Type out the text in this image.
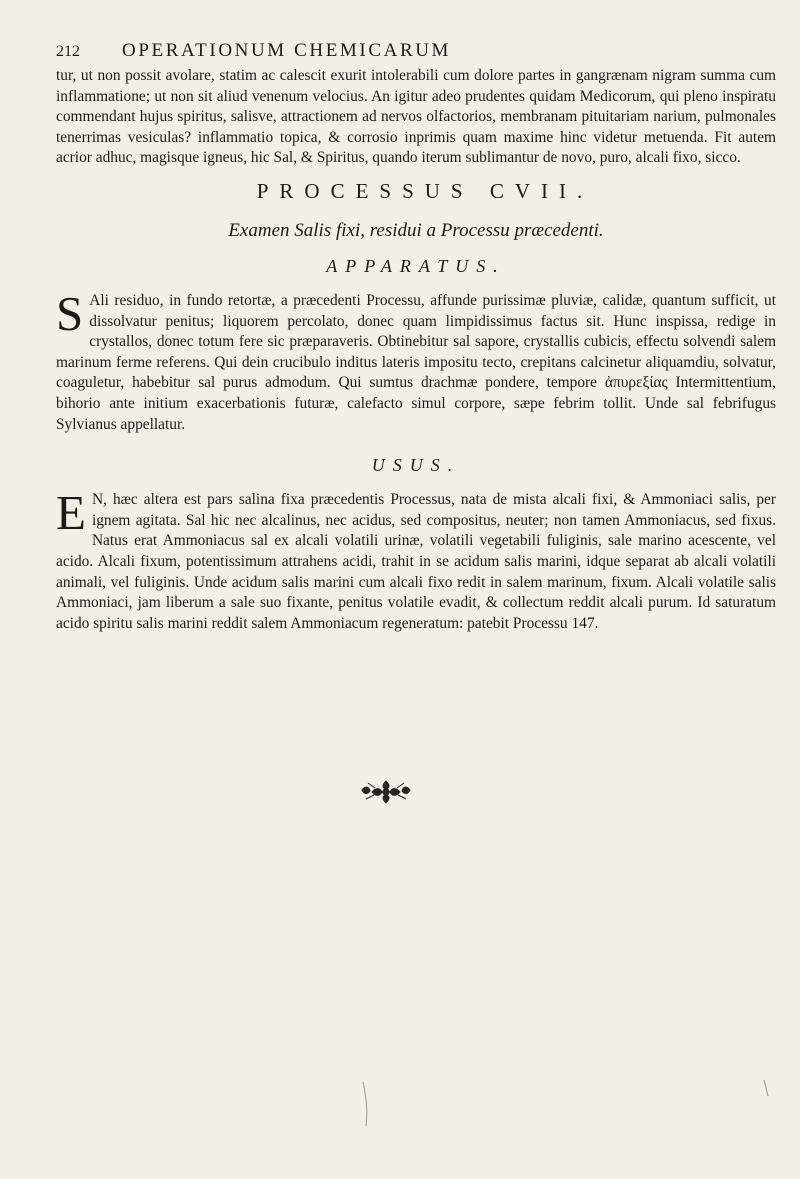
212	OPERATIONUM CHEMICARUM

tur, ut non possit avolare, statim ac calescit exurit intolerabili cum dolore partes in gangrænam nigram summa cum inflammatione; ut non sit aliud venenum velocius. An igitur adeo prudentes quidam Medicorum, qui pleno inspiratu commendant hujus spiritus, salisve, attractionem ad nervos olfactorios, membranam pituitariam narium, pulmonales tenerrimas vesiculas? inflammatio topica, & corrosio inprimis quam maxime hinc videtur metuenda. Fit autem acrior adhuc, magisque igneus, hic Sal, & Spiritus, quando iterum sublimantur de novo, puro, alcali fixo, sicco.

PROCESSUS CVII.
Examen Salis fixi, residui a Processu præcedenti.
APPARATUS.

S Ali residuo, in fundo retortæ, a præcedenti Processu, affunde purissimæ pluviæ, calidæ, quantum sufficit, ut dissolvatur penitus; liquorem percolato, donec quam limpidissimus factus sit. Hunc inspissa, redige in crystallos, donec totum fere sic præparaveris. Obtinebitur sal sapore, crystallis cubicis, effectu solvendi salem marinum ferme referens. Qui dein crucibulo inditus lateris impositu tecto, crepitans calcinetur aliquamdiu, solvatur, coaguletur, habebitur sal purus admodum. Qui sumtus drachmæ pondere, tempore ἀπυρεξίας Intermittentium, bihorio ante initium exacerbationis futuræ, calefacto simul corpore, sæpe febrim tollit. Unde sal febrifugus Sylvianus appellatur.

USUS.

E N, hæc altera est pars salina fixa præcedentis Processus, nata de mista alcali fixi, & Ammoniaci salis, per ignem agitata. Sal hic nec alcalinus, nec acidus, sed compositus, neuter; non tamen Ammoniacus, sed fixus. Natus erat Ammoniacus sal ex alcali volatili urinæ, volatili vegetabili fuliginis, sale marino acescente, vel acido. Alcali fixum, potentissimum attrahens acidi, trahit in se acidum salis marini, idque separat ab alcali volatili animali, vel fuliginis. Unde acidum salis marini cum alcali fixo redit in salem marinum, fixum. Alcali volatile salis Ammoniaci, jam liberum a sale suo fixante, penitus volatile evadit, & collectum reddit alcali purum. Id saturatum acido spiritu salis marini reddit salem Ammoniacum regeneratum: patebit Processu 147.
